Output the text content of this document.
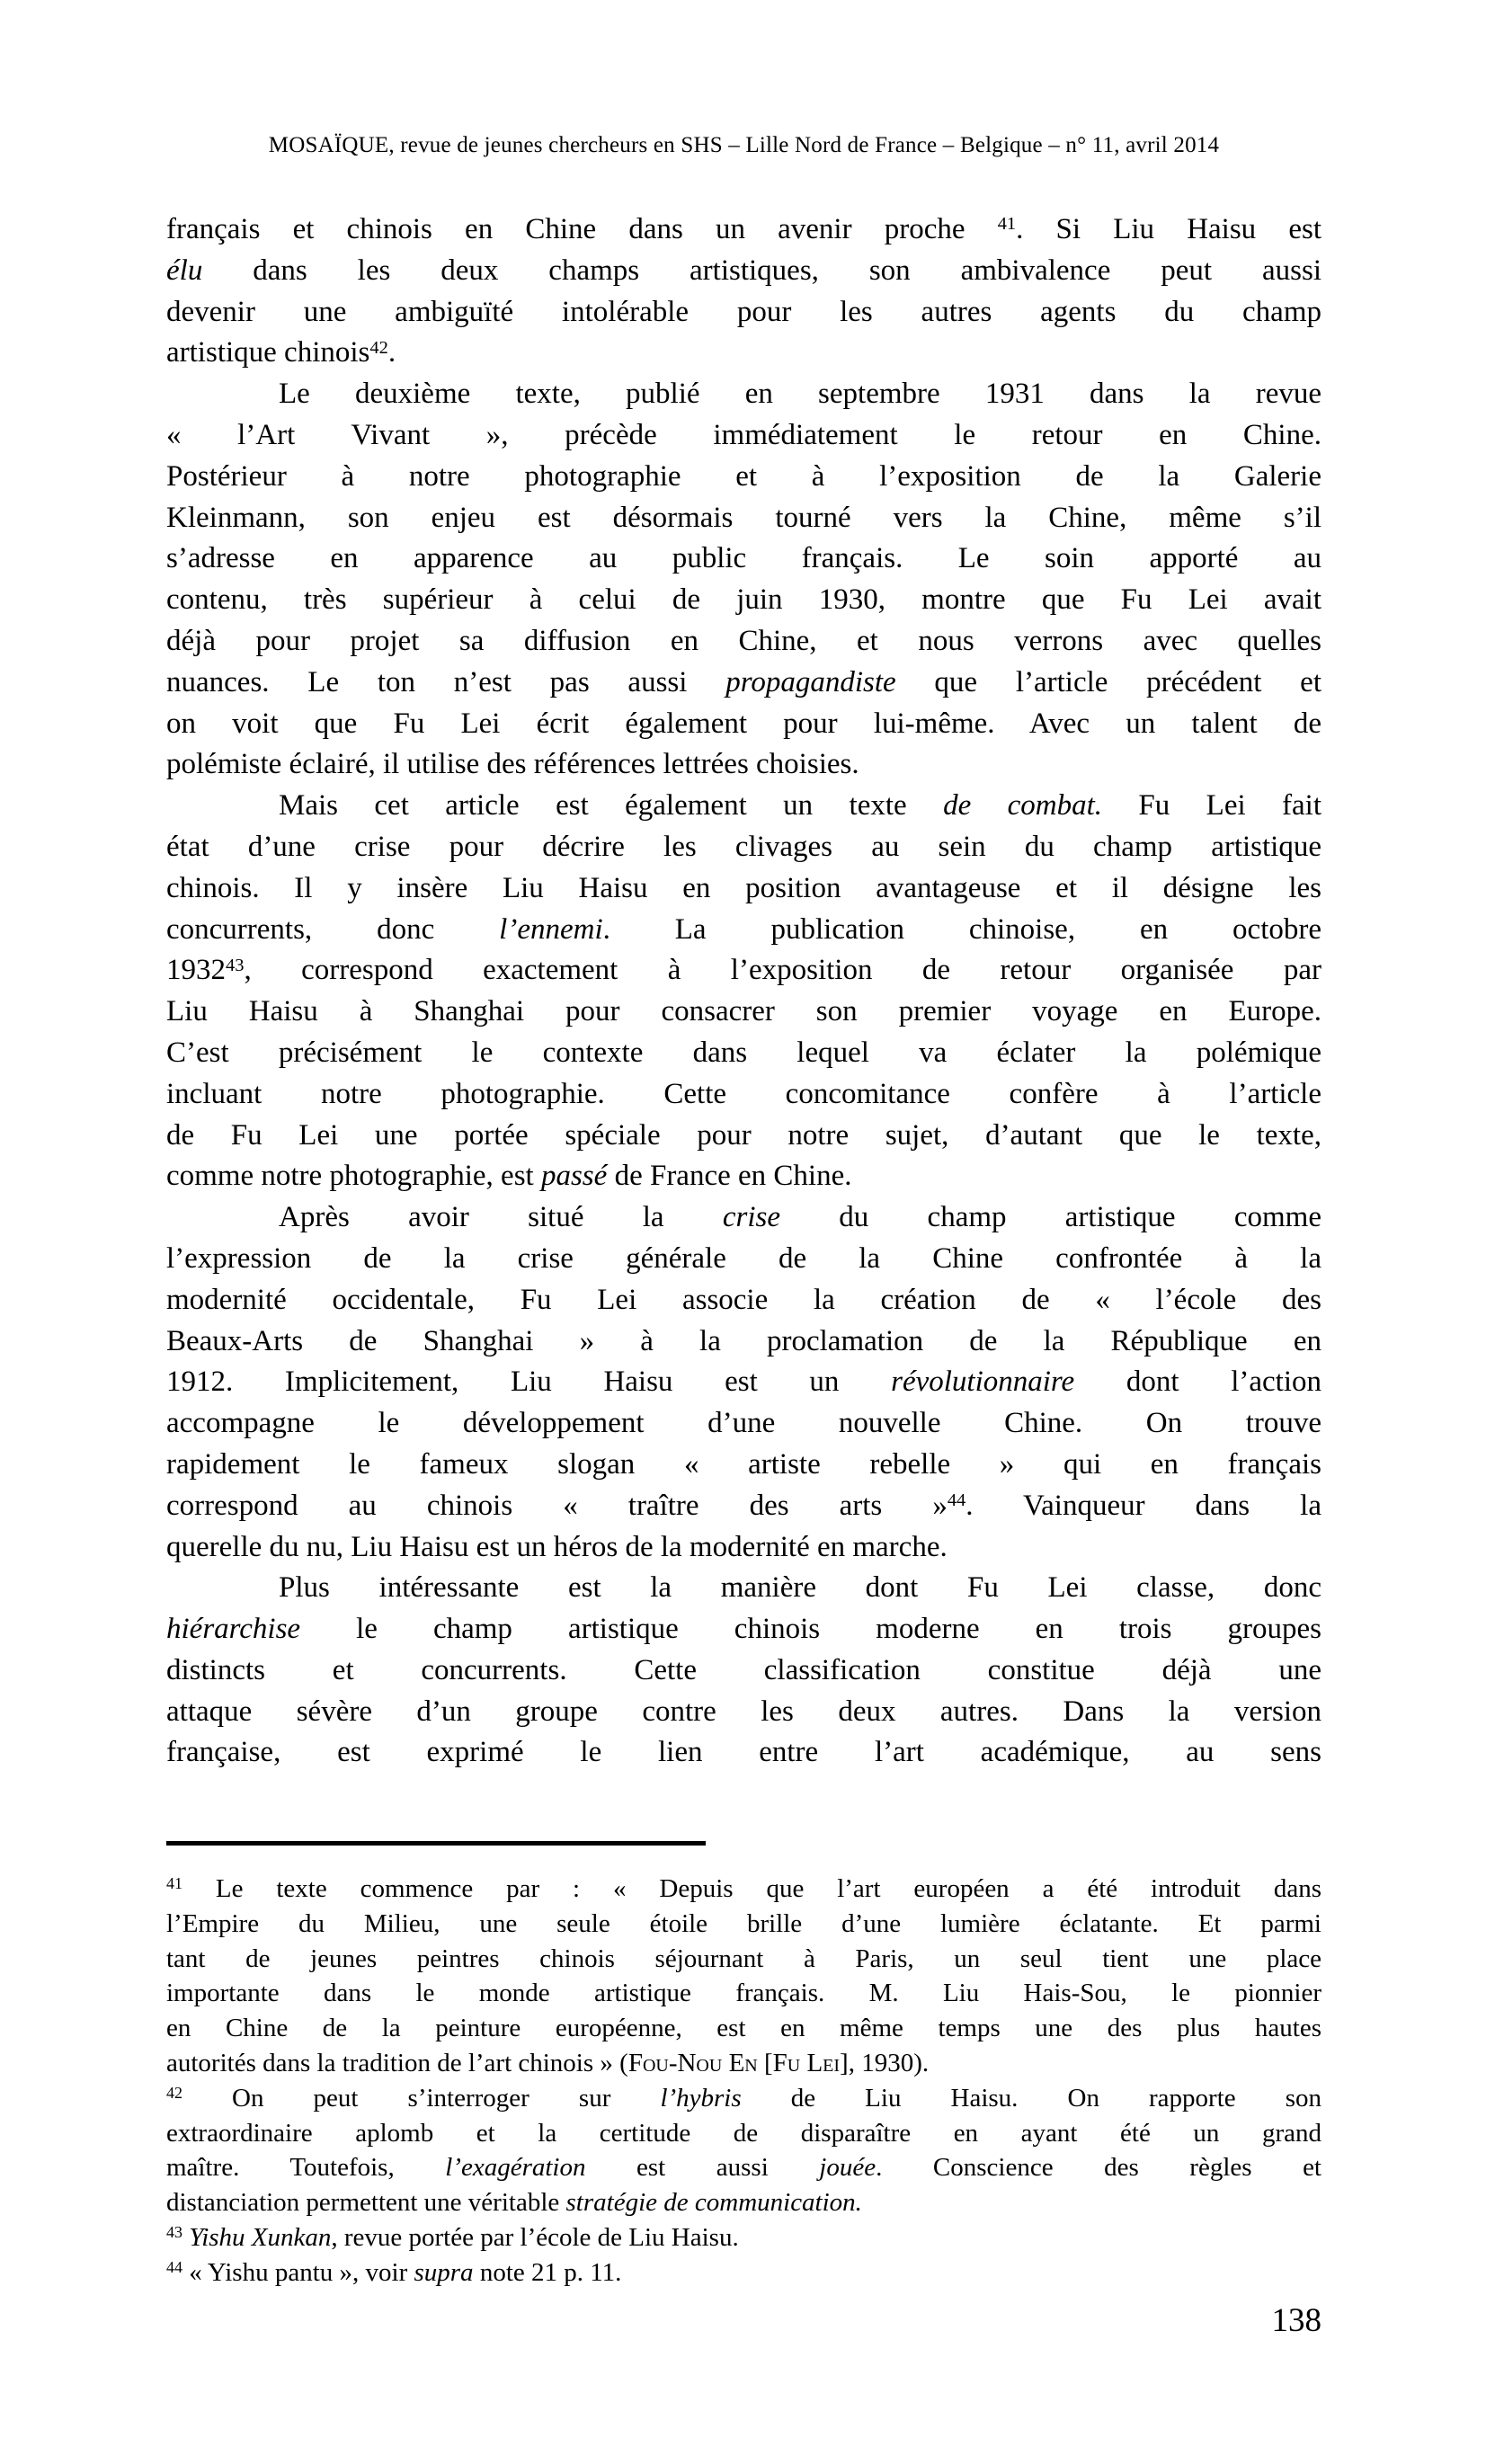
MOSAÏQUE, revue de jeunes chercheurs en SHS – Lille Nord de France – Belgique – n° 11, avril 2014
français et chinois en Chine dans un avenir proche $^{41}$. Si Liu Haisu est
élu dans les deux champs artistiques, son ambivalence peut aussi
devenir une ambiguïté intolérable pour les autres agents du champ
artistique chinois$^{42}$.
Le deuxième texte, publié en septembre 1931 dans la revue
« l’Art Vivant », précède immédiatement le retour en Chine.
Postérieur à notre photographie et à l’exposition de la Galerie
Kleinmann, son enjeu est désormais tourné vers la Chine, même s’il
s’adresse en apparence au public français. Le soin apporté au
contenu, très supérieur à celui de juin 1930, montre que Fu Lei avait
déjà pour projet sa diffusion en Chine, et nous verrons avec quelles
nuances. Le ton n’est pas aussi propagandiste que l’article précédent et
on voit que Fu Lei écrit également pour lui-même. Avec un talent de
polémiste éclairé, il utilise des références lettrées choisies.
Mais cet article est également un texte de combat. Fu Lei fait
état d’une crise pour décrire les clivages au sein du champ artistique
chinois. Il y insère Liu Haisu en position avantageuse et il désigne les
concurrents, donc l’ennemi. La publication chinoise, en octobre
1932$^{43}$, correspond exactement à l’exposition de retour organisée par
Liu Haisu à Shanghai pour consacrer son premier voyage en Europe.
C’est précisément le contexte dans lequel va éclater la polémique
incluant notre photographie. Cette concomitance confère à l’article
de Fu Lei une portée spéciale pour notre sujet, d’autant que le texte,
comme notre photographie, est passé de France en Chine.
Après avoir situé la crise du champ artistique comme
l’expression de la crise générale de la Chine confrontée à la
modernité occidentale, Fu Lei associe la création de « l’école des
Beaux-Arts de Shanghai » à la proclamation de la République en
1912. Implicitement, Liu Haisu est un révolutionnaire dont l’action
accompagne le développement d’une nouvelle Chine. On trouve
rapidement le fameux slogan « artiste rebelle » qui en français
correspond au chinois « traître des arts »$^{44}$. Vainqueur dans la
querelle du nu, Liu Haisu est un héros de la modernité en marche.
Plus intéressante est la manière dont Fu Lei classe, donc
hiérarchise le champ artistique chinois moderne en trois groupes
distincts et concurrents. Cette classification constitue déjà une
attaque sévère d’un groupe contre les deux autres. Dans la version
française, est exprimé le lien entre l’art académique, au sens
$^{41}$ Le texte commence par : « Depuis que l’art européen a été introduit dans
l’Empire du Milieu, une seule étoile brille d’une lumière éclatante. Et parmi
tant de jeunes peintres chinois séjournant à Paris, un seul tient une place
importante dans le monde artistique français. M. Liu Hais-Sou, le pionnier
en Chine de la peinture européenne, est en même temps une des plus hautes
autorités dans la tradition de l’art chinois » (Fou-Nou En [Fu Lei], 1930).
$^{42}$ On peut s’interroger sur l’hybris de Liu Haisu. On rapporte son
extraordinaire aplomb et la certitude de disparaître en ayant été un grand
maître. Toutefois, l’exagération est aussi jouée. Conscience des règles et
distanciation permettent une véritable stratégie de communication.
$^{43}$ Yishu Xunkan, revue portée par l’école de Liu Haisu.
$^{44}$ « Yishu pantu », voir supra note 21 p. 11.
138
